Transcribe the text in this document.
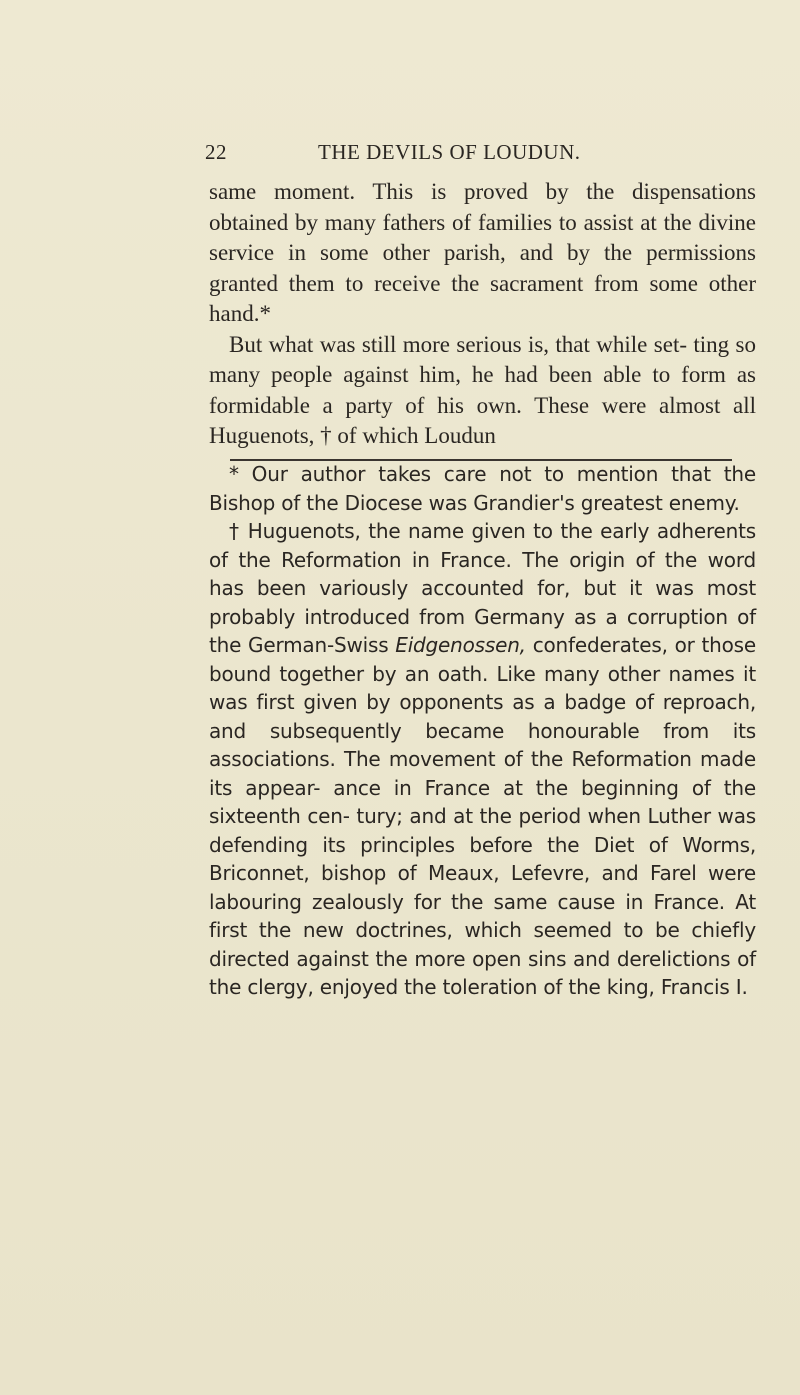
22	THE DEVILS OF LOUDUN.

same moment. This is proved by the dispensations obtained by many fathers of families to assist at the divine service in some other parish, and by the permissions granted them to receive the sacrament from some other hand.*

But what was still more serious is, that while set- ting so many people against him, he had been able to form as formidable a party of his own. These were almost all Huguenots, † of which Loudun

* Our author takes care not to mention that the Bishop of the Diocese was Grandier's greatest enemy.

† Huguenots, the name given to the early adherents of the Reformation in France. The origin of the word has been variously accounted for, but it was most probably introduced from Germany as a corruption of the German-Swiss Eidgenossen, confederates, or those bound together by an oath. Like many other names it was first given by opponents as a badge of reproach, and subsequently became honourable from its associations. The movement of the Reformation made its appear- ance in France at the beginning of the sixteenth cen- tury; and at the period when Luther was defending its principles before the Diet of Worms, Briconnet, bishop of Meaux, Lefevre, and Farel were labouring zealously for the same cause in France. At first the new doctrines, which seemed to be chiefly directed against the more open sins and derelictions of the clergy, enjoyed the toleration of the king, Francis I.
